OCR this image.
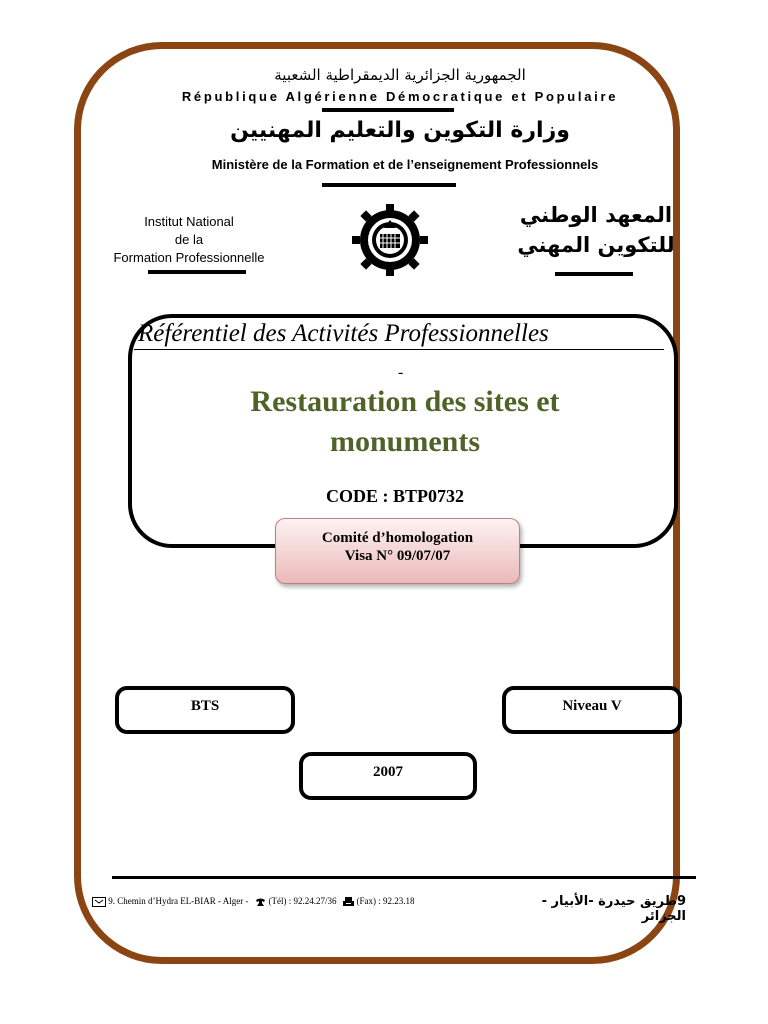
الجمهورية الجزائرية الديمقراطية الشعبية
République Algérienne Démocratique et Populaire
وزارة التكوين والتعليم المهنيين
Ministère de la Formation et de l’enseignement Professionnels
Institut National
de la
Formation Professionnelle
المعهد الوطني
للتكوين المهني
Référentiel des Activités Professionnelles
-
Restauration des sites et
monuments
CODE : BTP0732
Comité d’homologation
Visa N° 09/07/07
BTS	Niveau V
2007
9. Chemin d’Hydra EL-BIAR - Alger - (Tél) : 92.24.27/36 (Fax) : 92.23.18	9طريق حيدرة -الأبيار - الجزائر
